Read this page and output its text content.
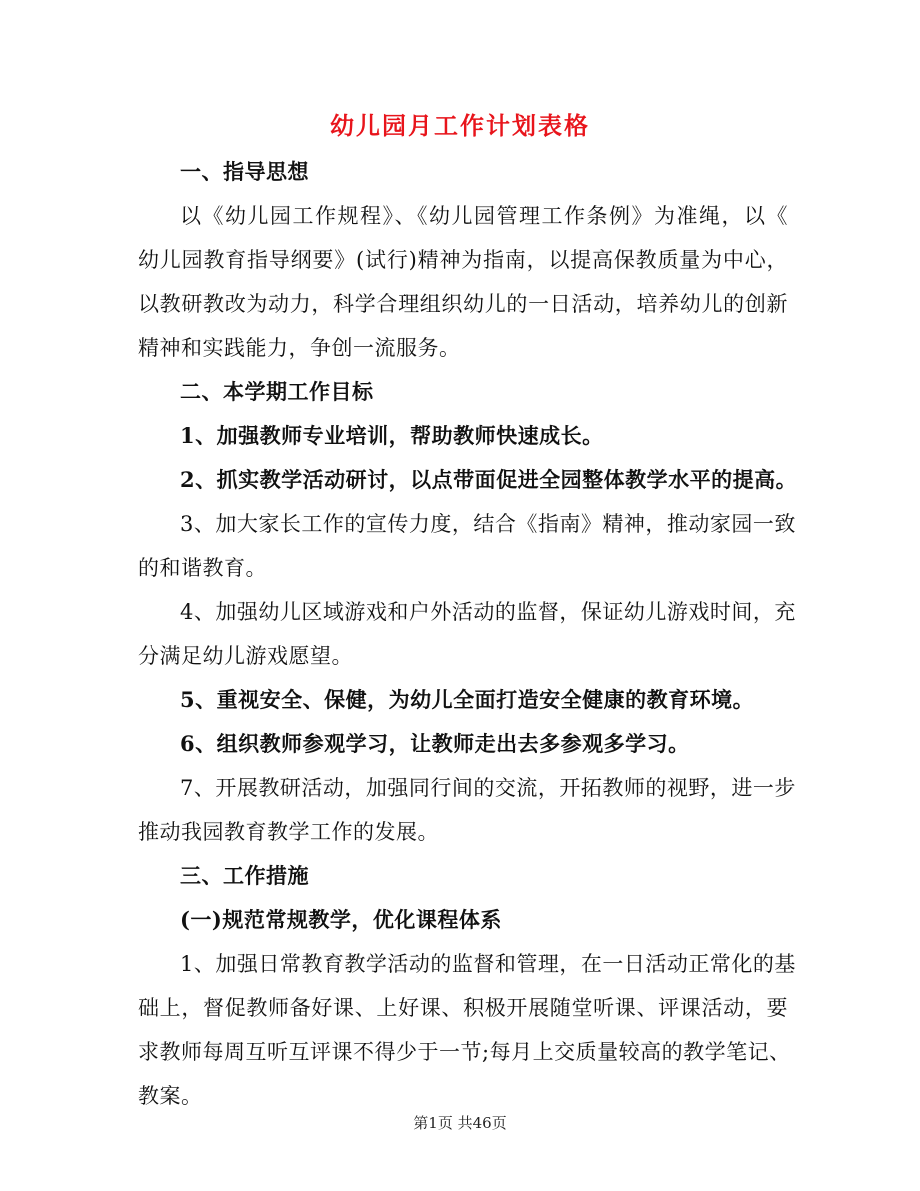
幼儿园月工作计划表格
一、指导思想
以《幼儿园工作规程》、《幼儿园管理工作条例》为准绳，以《
幼儿园教育指导纲要》(试行)精神为指南，以提高保教质量为中心，
以教研教改为动力，科学合理组织幼儿的一日活动，培养幼儿的创新
精神和实践能力，争创一流服务。
二、本学期工作目标
1、加强教师专业培训，帮助教师快速成长。
2、抓实教学活动研讨，以点带面促进全园整体教学水平的提高。
3、加大家长工作的宣传力度，结合《指南》精神，推动家园一致
的和谐教育。
4、加强幼儿区域游戏和户外活动的监督，保证幼儿游戏时间，充
分满足幼儿游戏愿望。
5、重视安全、保健，为幼儿全面打造安全健康的教育环境。
6、组织教师参观学习，让教师走出去多参观多学习。
7、开展教研活动，加强同行间的交流，开拓教师的视野，进一步
推动我园教育教学工作的发展。
三、工作措施
(一)规范常规教学，优化课程体系
1、加强日常教育教学活动的监督和管理，在一日活动正常化的基
础上，督促教师备好课、上好课、积极开展随堂听课、评课活动，要
求教师每周互听互评课不得少于一节;每月上交质量较高的教学笔记、
教案。
第1页 共46页
